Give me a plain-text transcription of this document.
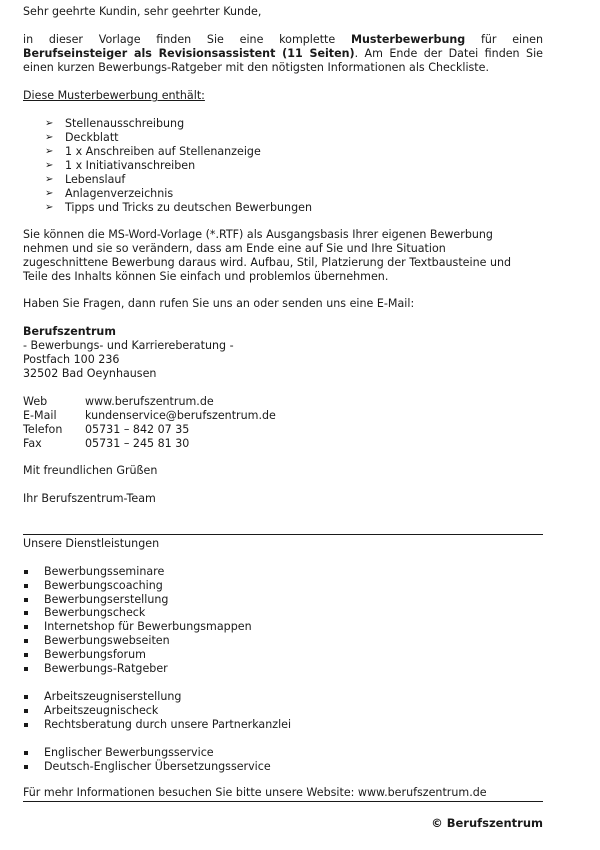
Sehr geehrte Kundin, sehr geehrter Kunde,
in dieser Vorlage finden Sie eine komplette Musterbewerbung für einen
Berufseinsteiger als Revisionsassistent (11 Seiten). Am Ende der Datei finden Sie
einen kurzen Bewerbungs-Ratgeber mit den nötigsten Informationen als Checkliste.
Diese Musterbewerbung enthält:
➢ Stellenausschreibung
➢ Deckblatt
➢ 1 x Anschreiben auf Stellenanzeige
➢ 1 x Initiativanschreiben
➢ Lebenslauf
➢ Anlagenverzeichnis
➢ Tipps und Tricks zu deutschen Bewerbungen
Sie können die MS-Word-Vorlage (*.RTF) als Ausgangsbasis Ihrer eigenen Bewerbung
nehmen und sie so verändern, dass am Ende eine auf Sie und Ihre Situation
zugeschnittene Bewerbung daraus wird. Aufbau, Stil, Platzierung der Textbausteine und
Teile des Inhalts können Sie einfach und problemlos übernehmen.
Haben Sie Fragen, dann rufen Sie uns an oder senden uns eine E-Mail:
Berufszentrum
- Bewerbungs- und Karriereberatung -
Postfach 100 236
32502 Bad Oeynhausen
Web	www.berufszentrum.de
E-Mail	kundenservice@berufszentrum.de
Telefon 05731 – 842 07 35
Fax	05731 – 245 81 30
Mit freundlichen Grüßen
Ihr Berufszentrum-Team
Unsere Dienstleistungen
Bewerbungsseminare
Bewerbungscoaching
Bewerbungserstellung
Bewerbungscheck
Internetshop für Bewerbungsmappen
Bewerbungswebseiten
Bewerbungsforum
Bewerbungs-Ratgeber
Arbeitszeugniserstellung
Arbeitszeugnischeck
Rechtsberatung durch unsere Partnerkanzlei
Englischer Bewerbungsservice
Deutsch-Englischer Übersetzungsservice
Für mehr Informationen besuchen Sie bitte unsere Website: www.berufszentrum.de
© Berufszentrum
